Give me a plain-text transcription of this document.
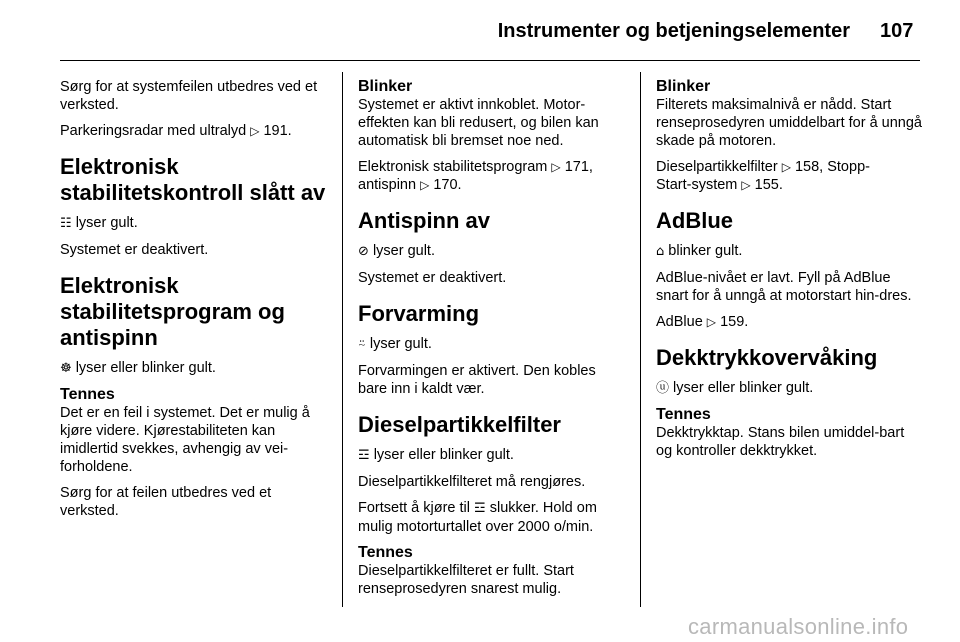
Instrumenter og betjeningselementer 107

Sørg for at systemfeilen utbedres ved et verksted.

Parkeringsradar med ultralyd ▷ 191.

Elektronisk stabilitetskontroll slått av

☷ lyser gult.

Systemet er deaktivert.

Elektronisk stabilitetsprogram og antispinn

☸ lyser eller blinker gult.

Tennes

Det er en feil i systemet. Det er mulig å kjøre videre. Kjørestabiliteten kan imidlertid svekkes, avhengig av vei-forholdene.

Sørg for at feilen utbedres ved et verksted.

Blinker

Systemet er aktivt innkoblet. Motor-effekten kan bli redusert, og bilen kan automatisk bli bremset noe ned.

Elektronisk stabilitetsprogram ▷ 171,
antispinn ▷ 170.

Antispinn av

⊘ lyser gult.

Systemet er deaktivert.

Forvarming

⍨ lyser gult.

Forvarmingen er aktivert. Den kobles bare inn i kaldt vær.

Dieselpartikkelfilter

☲ lyser eller blinker gult.

Dieselpartikkelfilteret må rengjøres.

Fortsett å kjøre til ☲ slukker. Hold om mulig motorturtallet over 2000 o/min.

Tennes

Dieselpartikkelfilteret er fullt. Start renseprosedyren snarest mulig.

Blinker

Filterets maksimalnivå er nådd. Start renseprosedyren umiddelbart for å unngå skade på motoren.

Dieselpartikkelfilter ▷ 158, Stopp-
Start-system ▷ 155.

AdBlue

⌂ blinker gult.

AdBlue-nivået er lavt. Fyll på AdBlue snart for å unngå at motorstart hin-dres.

AdBlue ▷ 159.

Dekktrykkovervåking

ⓤ lyser eller blinker gult.

Tennes

Dekktrykktap. Stans bilen umiddel-bart og kontroller dekktrykket.

carmanualsonline.info
